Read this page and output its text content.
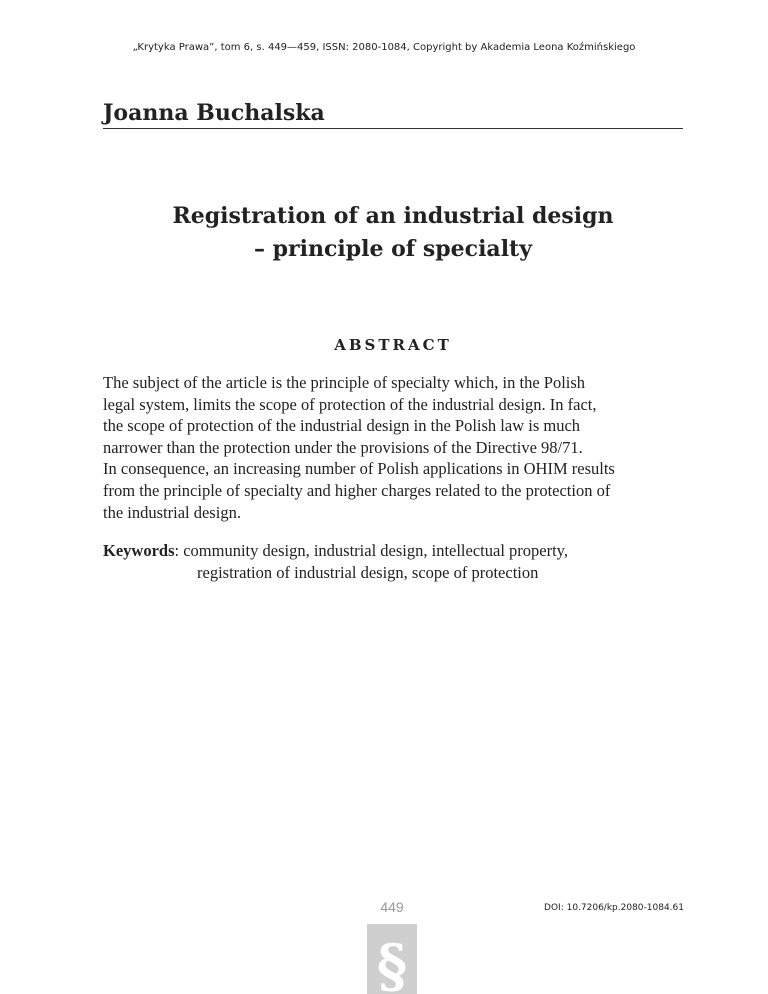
„Krytyka Prawa”, tom 6, s. 449—459, ISSN: 2080-1084, Copyright by Akademia Leona Koźmińskiego
Joanna Buchalska
Registration of an industrial design
– principle of specialty
ABSTRACT
The subject of the article is the principle of specialty which, in the Polish
legal system, limits the scope of protection of the industrial design. In fact,
the scope of protection of the industrial design in the Polish law is much
narrower than the protection under the provisions of the Directive 98/71.
In consequence, an increasing number of Polish applications in OHIM results
from the principle of specialty and higher charges related to the protection of
the industrial design.
Keywords: community design, industrial design, intellectual property,
registration of industrial design, scope of protection
449	DOI: 10.7206/kp.2080-1084.61
§
